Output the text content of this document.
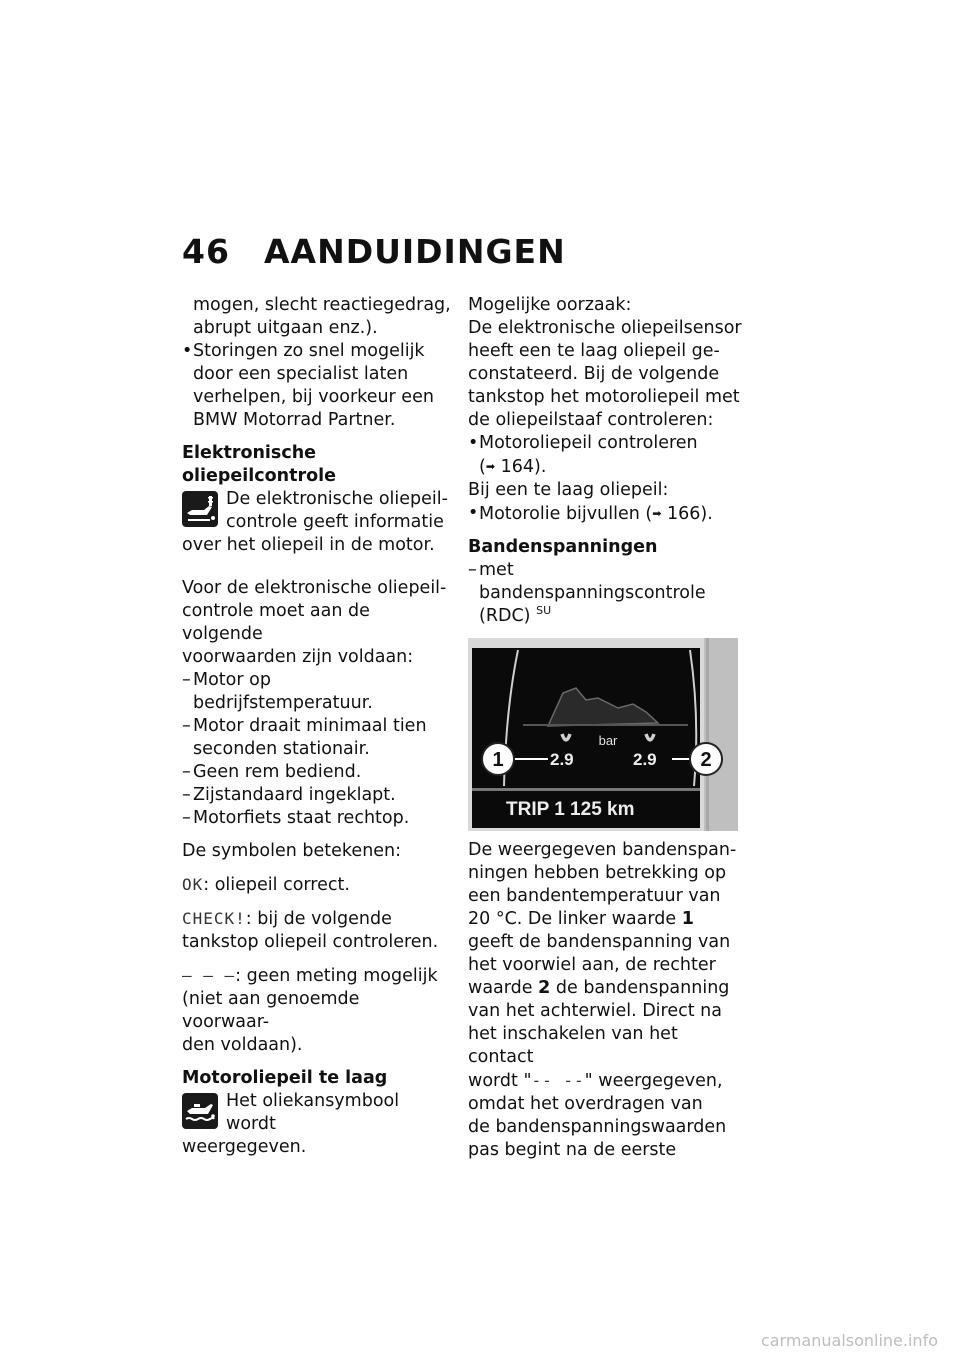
46 AANDUIDINGEN

mogen, slecht reactiegedrag,

abrupt uitgaan enz.).

• Storingen zo snel mogelijk

door een specialist laten

verhelpen, bij voorkeur een

BMW Motorrad Partner.

Elektronische oliepeilcontrole

De elektronische oliepeil-

controle geeft informatie

over het oliepeil in de motor.

Voor de elektronische oliepeil-

controle moet aan de volgende

voorwaarden zijn voldaan:

– Motor op bedrijfstemperatuur.
– Motor draait minimaal tien

seconden stationair.

– Geen rem bediend.
– Zijstandaard ingeklapt.
– Motorfiets staat rechtop.

De symbolen betekenen:

OK: oliepeil correct.

CHECK!: bij de volgende

tankstop oliepeil controleren.

– – –: geen meting mogelijk

(niet aan genoemde voorwaar-

den voldaan).

Motoroliepeil te laag

Het oliekansymbool wordt

weergegeven.

Mogelijke oorzaak:

De elektronische oliepeilsensor

heeft een te laag oliepeil ge-

constateerd. Bij de volgende

tankstop het motoroliepeil met

de oliepeilstaaf controleren:

• Motoroliepeil controleren

(➡ 164).

Bij een te laag oliepeil:

• Motorolie bijvullen (➡ 166).

Bandenspanningen

– met bandenspanningscontrole

(RDC) $^{SU}$

bar
2.9	2.9
TRIP 1 125 km
1	2

De weergegeven bandenspan-

ningen hebben betrekking op

een bandentemperatuur van

20 °C. De linker waarde 1

geeft de bandenspanning van

het voorwiel aan, de rechter

waarde 2 de bandenspanning

van het achterwiel. Direct na

het inschakelen van het contact

wordt "-- --" weergegeven,

omdat het overdragen van

de bandenspanningswaarden

pas begint na de eerste

carmanualsonline.info
